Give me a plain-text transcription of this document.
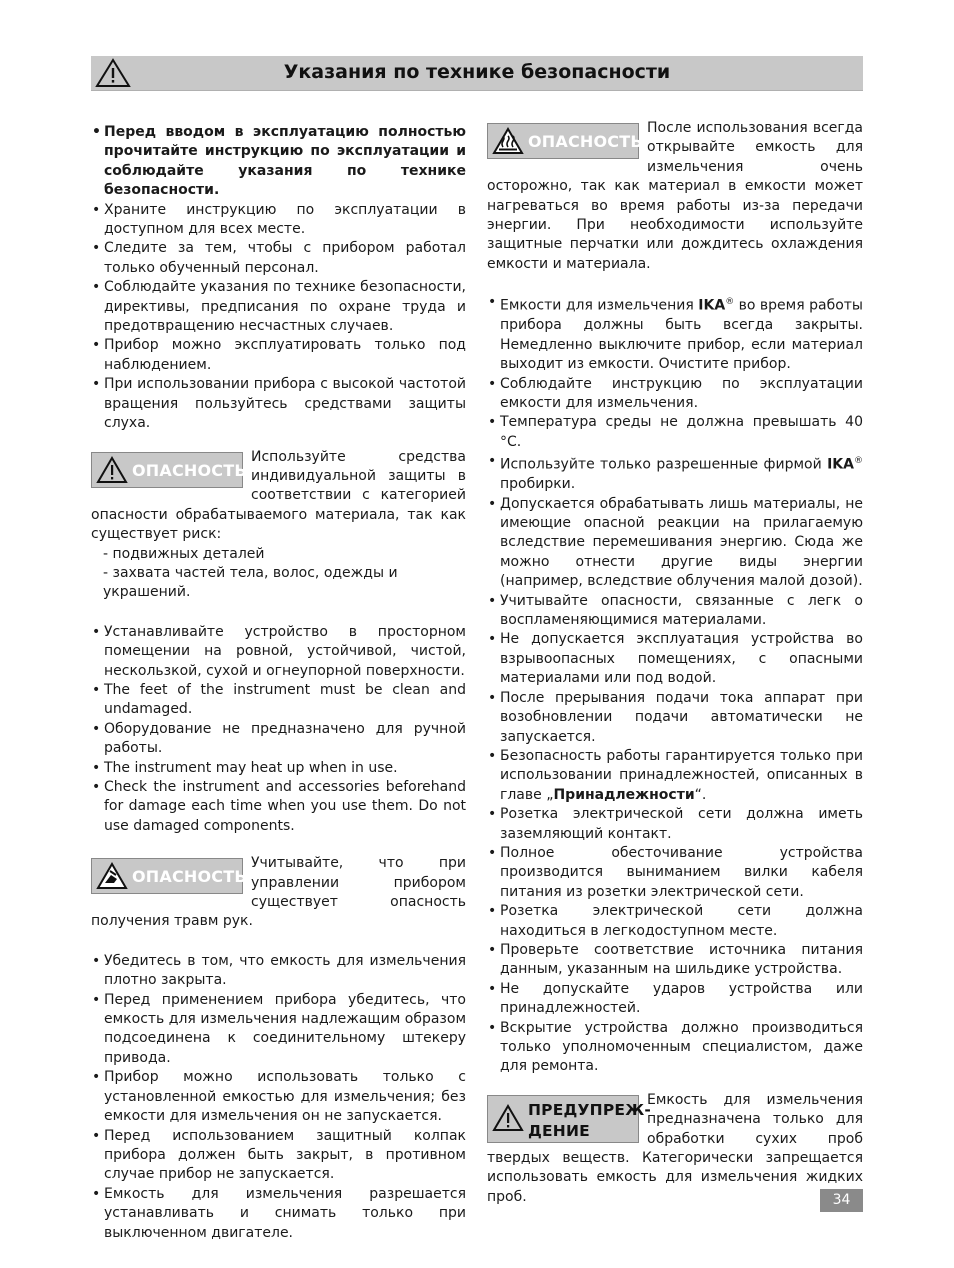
Указания по технике безопасности
• Перед вводом в эксплуатацию полностью прочитайте инструкцию по эксплуатации и соблюдайте указания по технике безопасности.
• Храните инструкцию по эксплуатации в доступном для всех месте.
• Следите за тем, чтобы с прибором работал только обученный персонал.
• Соблюдайте указания по технике безопасности, директивы, предписания по охране труда и предотвращению несчастных случаев.
• Прибор можно эксплуатировать только под наблюдением.
• При использовании прибора с высокой частотой вращения пользуйтесь средствами защиты слуха.
ОПАСНОСТЬ
Используйте средства индивидуальной защиты в соответствии с категорией опасности обрабатываемого материала, так как существует риск:
- подвижных деталей
- захвата частей тела, волос, одежды и украшений.
• Устанавливайте устройство в просторном помещении на ровной, устойчивой, чистой, нескользкой, сухой и огнеупорной поверхности.
• The feet of the instrument must be clean and undamaged.
• Оборудование не предназначено для ручной работы.
• The instrument may heat up when in use.
• Check the instrument and accessories beforehand for damage each time when you use them. Do not use damaged components.
ОПАСНОСТЬ
Учитывайте, что при управлении прибором существует опасность получения травм рук.
• Убедитесь в том, что емкость для измельчения плотно закрыта.
• Перед применением прибора убедитесь, что емкость для измельчения надлежащим образом подсоединена к соединительному штекеру привода.
• Прибор можно использовать только с установленной емкостью для измельчения; без емкости для измельчения он не запускается.
• Перед использованием защитный колпак прибора должен быть закрыт, в противном случае прибор не запускается.
• Емкость для измельчения разрешается устанавливать и снимать только при выключенном двигателе.
ОПАСНОСТЬ
После использования всегда открывайте емкость для измельчения очень осторожно, так как материал в емкости может нагреваться во время работы из-за передачи энергии. При необходимости используйте защитные перчатки или дождитесь охлаждения емкости и материала.
• Емкости для измельчения IKA® во время работы прибора должны быть всегда закрыты. Немедленно выключите прибор, если материал выходит из емкости. Очистите прибор.
• Соблюдайте инструкцию по эксплуатации емкости для измельчения.
• Температура среды не должна превышать 40 °C.
• Используйте только разрешенные фирмой IKA® пробирки.
• Допускается обрабатывать лишь материалы, не имеющие опасной реакции на прилагаемую вследствие перемешивания энергию. Сюда же можно отнести другие виды энергии (например, вследствие облучения малой дозой).
• Учитывайте опасности, связанные с легк о воспламеняющимися материалами.
• Не допускается эксплуатация устройства во взрывоопасных помещениях, с опасными материалами или под водой.
• После прерывания подачи тока аппарат при возобновлении подачи автоматически не запускается.
• Безопасность работы гарантируется только при использовании принадлежностей, описанных в главе „Принадлежности“.
• Розетка электрической сети должна иметь заземляющий контакт.
• Полное обесточивание устройства производится выниманием вилки кабеля питания из розетки электрической сети.
• Розетка электрической сети должна находиться в легкодоступном месте.
• Проверьте соответствие источника питания данным, указанным на шильдике устройства.
• Не допускайте ударов устройства или принадлежностей.
• Вскрытие устройства должно производиться только уполномоченным специалистом, даже для ремонта.
ПРЕДУПРЕЖ-
ДЕНИЕ
Емкость для измельчения предназначена только для обработки сухих проб твердых веществ. Категорически запрещается использовать емкость для измельчения жидких проб.	34
